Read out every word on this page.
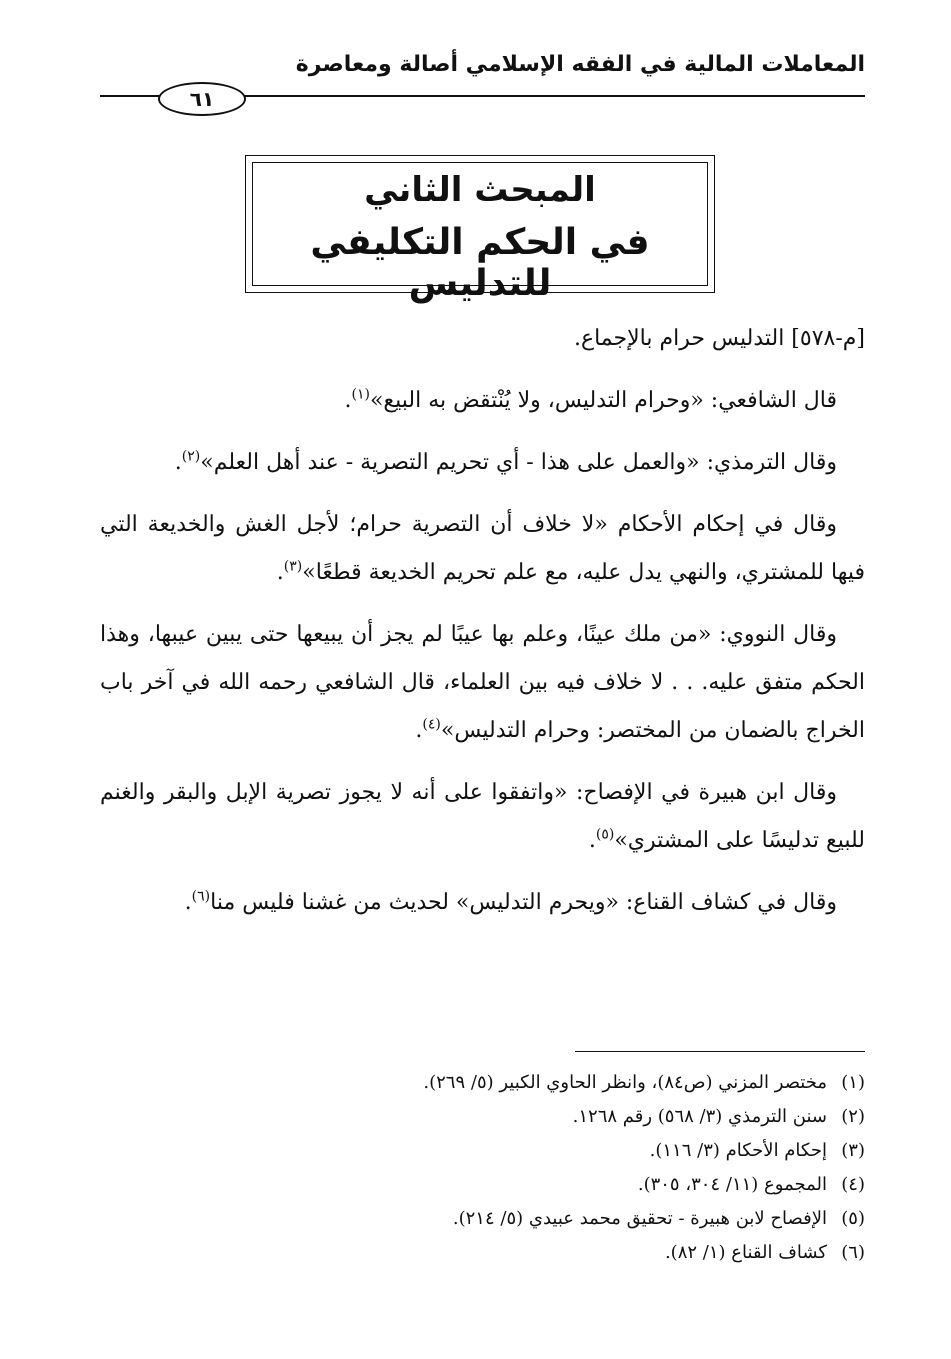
المعاملات المالية في الفقه الإسلامي أصالة ومعاصرة
٦١
المبحث الثاني
في الحكم التكليفي للتدليس

[م-٥٧٨] التدليس حرام بالإجماع.

قال الشافعي: «وحرام التدليس، ولا يُنْتقض به البيع»$^{(١)}$.

وقال الترمذي: «والعمل على هذا - أي تحريم التصرية - عند أهل العلم»$^{(٢)}$.

وقال في إحكام الأحكام «لا خلاف أن التصرية حرام؛ لأجل الغش والخديعة التي فيها للمشتري، والنهي يدل عليه، مع علم تحريم الخديعة قطعًا»$^{(٣)}$.

وقال النووي: «من ملك عينًا، وعلم بها عيبًا لم يجز أن يبيعها حتى يبين عيبها، وهذا الحكم متفق عليه. . . لا خلاف فيه بين العلماء، قال الشافعي رحمه الله في آخر باب الخراج بالضمان من المختصر: وحرام التدليس»$^{(٤)}$.

وقال ابن هبيرة في الإفصاح: «واتفقوا على أنه لا يجوز تصرية الإبل والبقر والغنم للبيع تدليسًا على المشتري»$^{(٥)}$.

وقال في كشاف القناع: «ويحرم التدليس» لحديث من غشنا فليس منا$^{(٦)}$.

(١)مختصر المزني (ص٨٤)، وانظر الحاوي الكبير (٥/ ٢٦٩).

(٢)سنن الترمذي (٣/ ٥٦٨) رقم ١٢٦٨.

(٣)إحكام الأحكام (٣/ ١١٦).

(٤)المجموع (١١/ ٣٠٤، ٣٠٥).

(٥)الإفصاح لابن هبيرة - تحقيق محمد عبيدي (٥/ ٢١٤).

(٦)كشاف القناع (١/ ٨٢).
